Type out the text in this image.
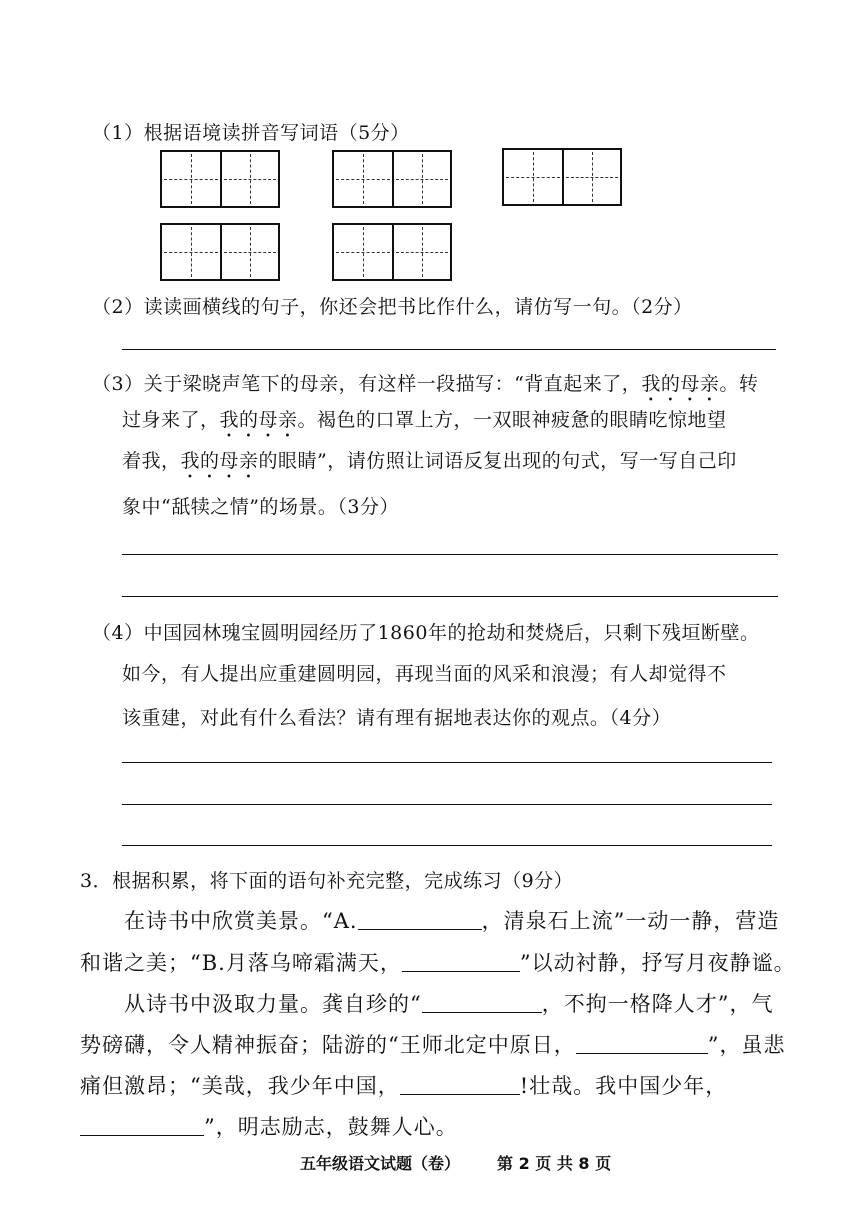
（1）根据语境读拼音写词语（5分）
（2）读读画横线的句子，你还会把书比作什么，请仿写一句。（2分）
（3）关于梁晓声笔下的母亲，有这样一段描写：“背直起来了，我的母亲。转
过身来了，我的母亲。褐色的口罩上方，一双眼神疲惫的眼睛吃惊地望
着我，我的母亲的眼睛”，请仿照让词语反复出现的句式，写一写自己印
象中“舐犊之情”的场景。（3分）
（4）中国园林瑰宝圆明园经历了1860年的抢劫和焚烧后，只剩下残垣断壁。
如今，有人提出应重建圆明园，再现当面的风采和浪漫；有人却觉得不
该重建，对此有什么看法？请有理有据地表达你的观点。（4分）
3．根据积累，将下面的语句补充完整，完成练习（9分）
在诗书中欣赏美景。“A.	，清泉石上流”一动一静，营造
和谐之美；“B.月落乌啼霜满天，	”以动衬静，抒写月夜静谧。
从诗书中汲取力量。龚自珍的“	，不拘一格降人才”，气
势磅礴，令人精神振奋；陆游的“王师北定中原日，	”，虽悲
痛但激昂；“美哉，我少年中国，	!壮哉。我中国少年，
”，明志励志，鼓舞人心。
五年级语文试题（卷） 第 2 页 共 8 页
